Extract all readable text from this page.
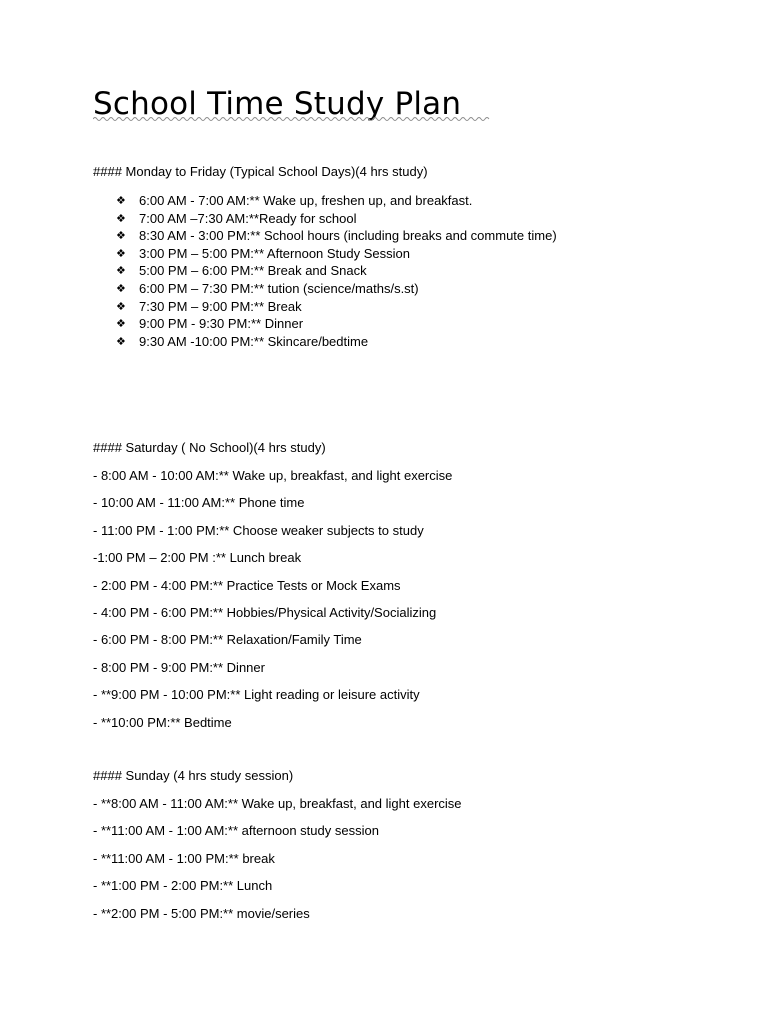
School Time Study Plan
#### Monday to Friday (Typical School Days)(4 hrs study)
❖	6:00 AM - 7:00 AM:** Wake up, freshen up, and breakfast.
❖	7:00 AM –7:30 AM:**Ready for school
❖	8:30 AM - 3:00 PM:** School hours (including breaks and commute time)
❖	3:00 PM – 5:00 PM:** Afternoon Study Session
❖	5:00 PM – 6:00 PM:** Break and Snack
❖	6:00 PM – 7:30 PM:** tution (science/maths/s.st)
❖	7:30 PM – 9:00 PM:** Break
❖	9:00 PM - 9:30 PM:** Dinner
❖	9:30 AM -10:00 PM:** Skincare/bedtime
#### Saturday ( No School)(4 hrs study)
- 8:00 AM - 10:00 AM:** Wake up, breakfast, and light exercise
- 10:00 AM - 11:00 AM:** Phone time
- 11:00 PM - 1:00 PM:** Choose weaker subjects to study
-1:00 PM – 2:00 PM :** Lunch break
- 2:00 PM - 4:00 PM:** Practice Tests or Mock Exams
- 4:00 PM - 6:00 PM:** Hobbies/Physical Activity/Socializing
- 6:00 PM - 8:00 PM:** Relaxation/Family Time
- 8:00 PM - 9:00 PM:** Dinner
- **9:00 PM - 10:00 PM:** Light reading or leisure activity
- **10:00 PM:** Bedtime
#### Sunday (4 hrs study session)
- **8:00 AM - 11:00 AM:** Wake up, breakfast, and light exercise
- **11:00 AM - 1:00 AM:** afternoon study session
- **11:00 AM - 1:00 PM:** break
- **1:00 PM - 2:00 PM:** Lunch
- **2:00 PM - 5:00 PM:** movie/series
